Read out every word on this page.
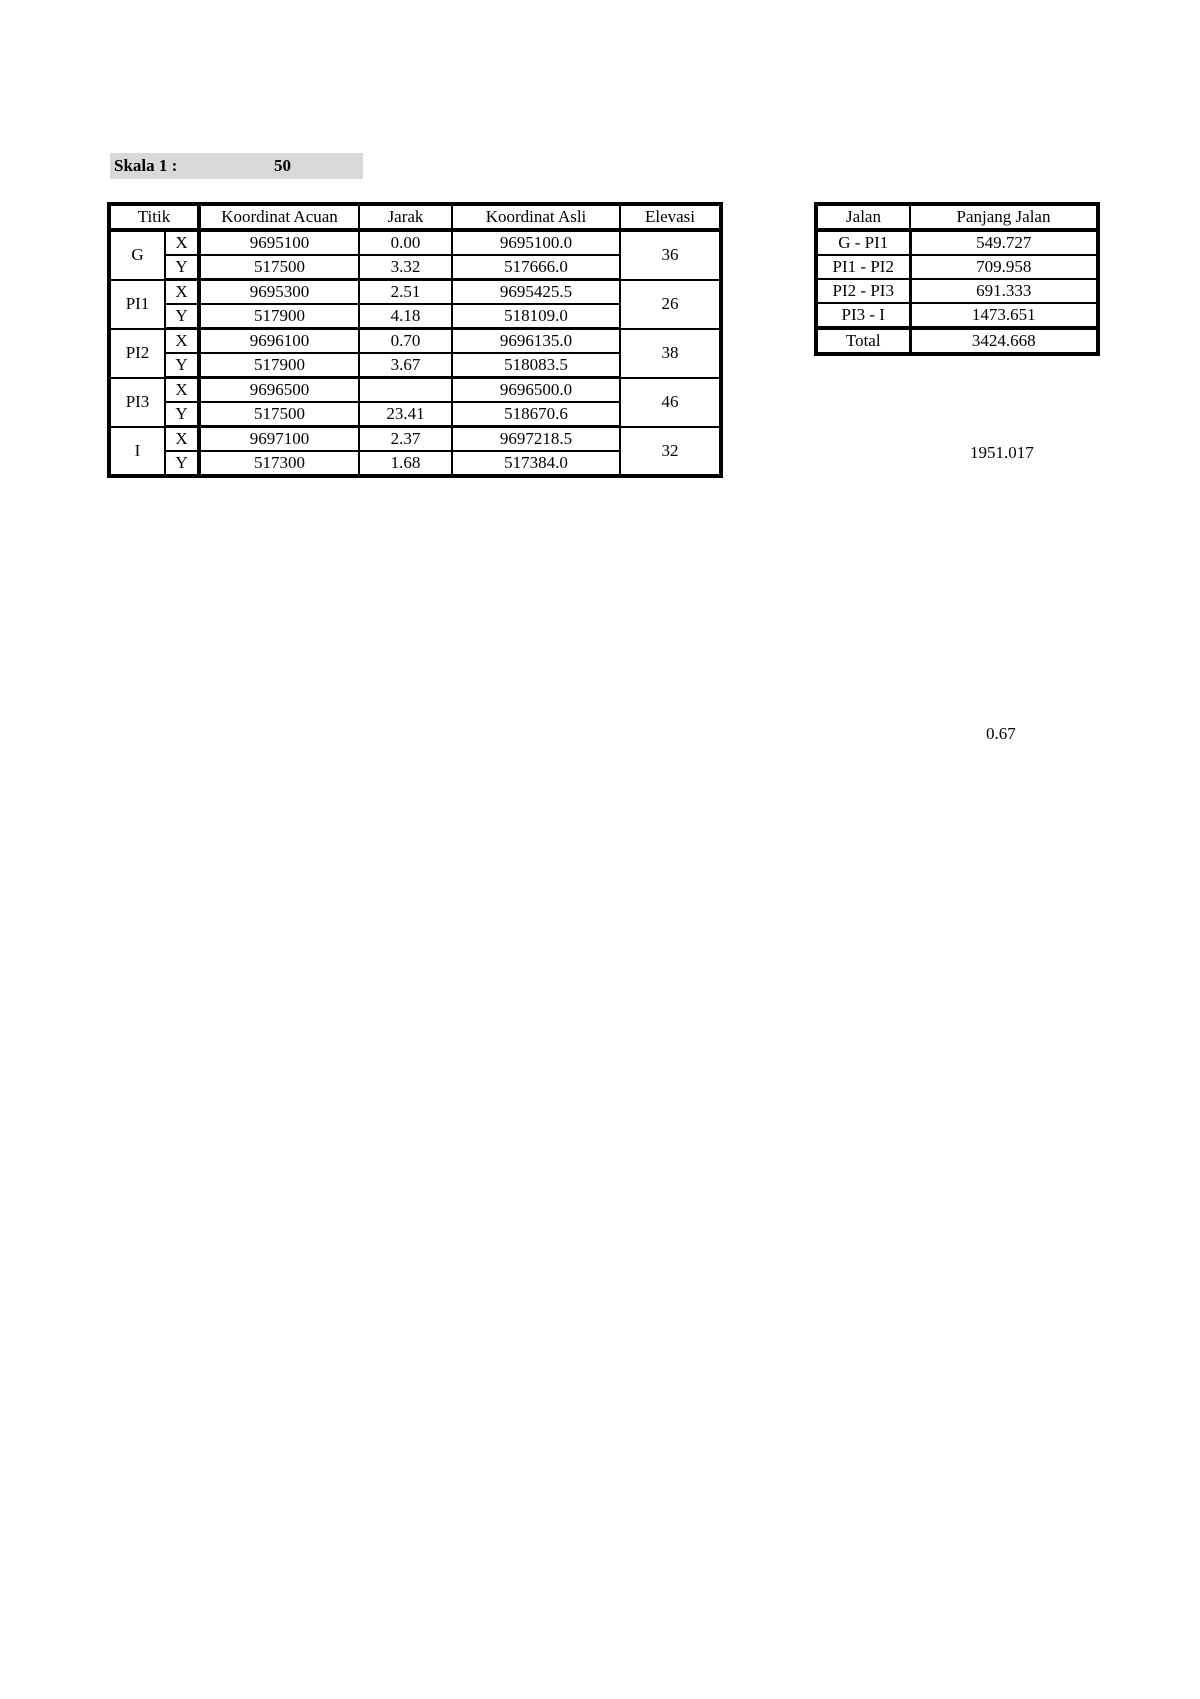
Skala 1 :	50
Titik		Koordinat Acuan	Jarak	Koordinat Asli	Elevasi
G	X	9695100	0.00	9695100.0	36
	Y	517500	3.32	517666.0	
PI1	X	9695300	2.51	9695425.5	26
	Y	517900	4.18	518109.0	
PI2	X	9696100	0.70	9696135.0	38
	Y	517900	3.67	518083.5	
PI3	X	9696500		9696500.0	46
	Y	517500	23.41	518670.6	
I	X	9697100	2.37	9697218.5	32
	Y	517300	1.68	517384.0	
Jalan	Panjang Jalan
G - PI1	549.727
PI1 - PI2	709.958
PI2 - PI3	691.333
PI3 - I	1473.651
Total	3424.668
1951.017
0.67
